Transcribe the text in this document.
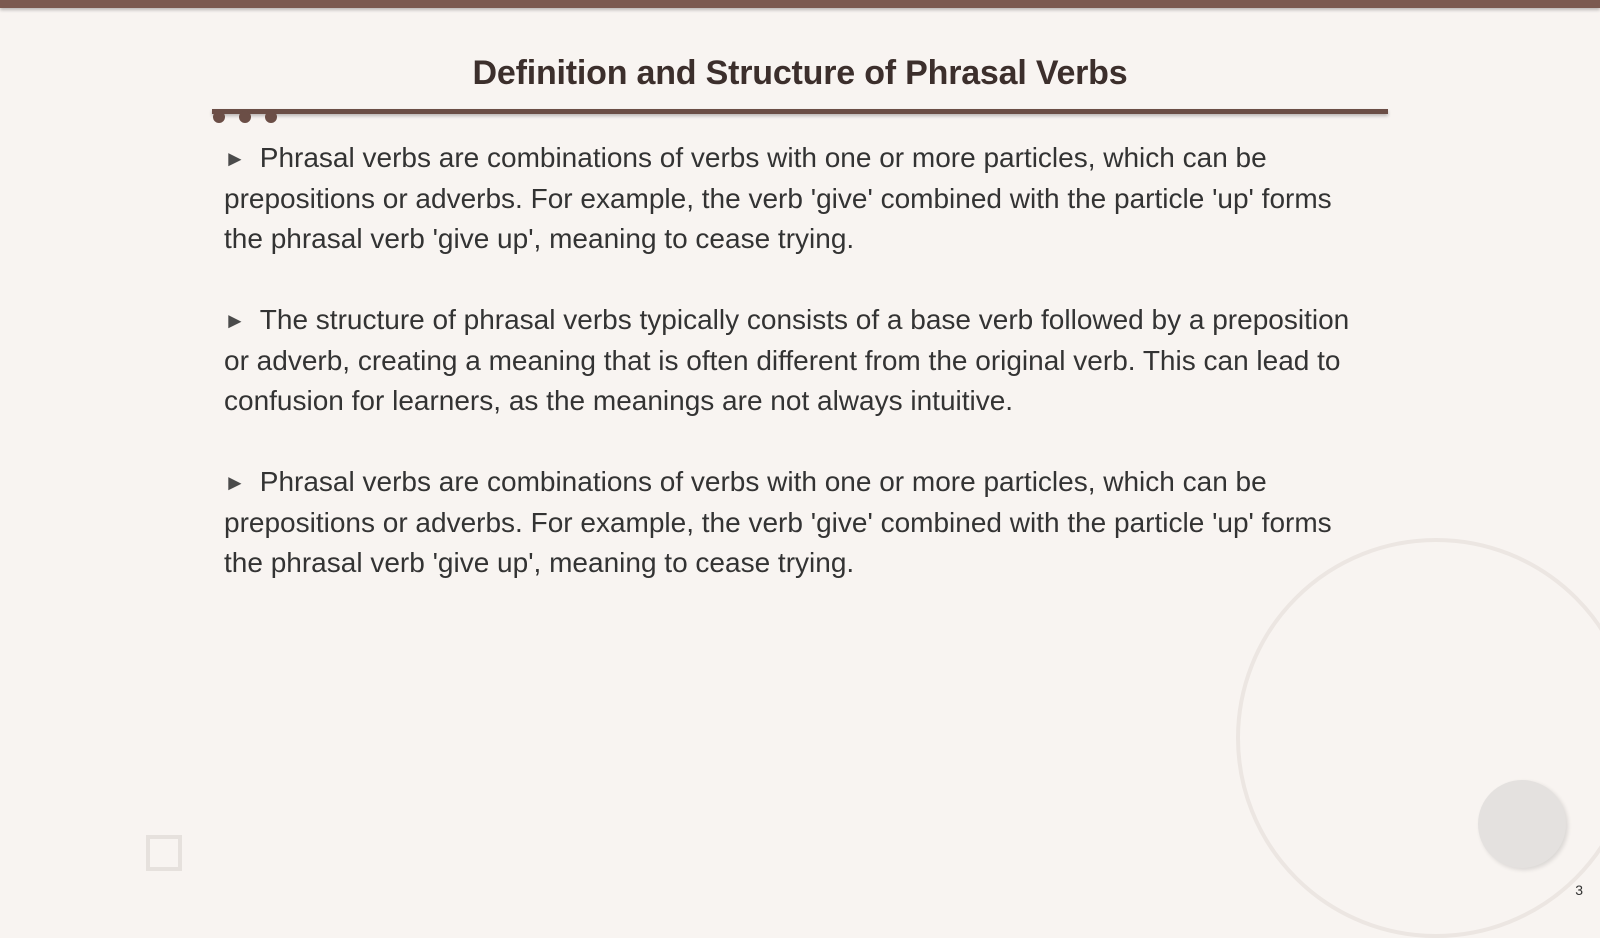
Definition and Structure of Phrasal Verbs

► Phrasal verbs are combinations of verbs with one or more particles, which can be prepositions or adverbs. For example, the verb 'give' combined with the particle 'up' forms the phrasal verb 'give up', meaning to cease trying.

► The structure of phrasal verbs typically consists of a base verb followed by a preposition or adverb, creating a meaning that is often different from the original verb. This can lead to confusion for learners, as the meanings are not always intuitive.

► Phrasal verbs are combinations of verbs with one or more particles, which can be prepositions or adverbs. For example, the verb 'give' combined with the particle 'up' forms the phrasal verb 'give up', meaning to cease trying.

3
